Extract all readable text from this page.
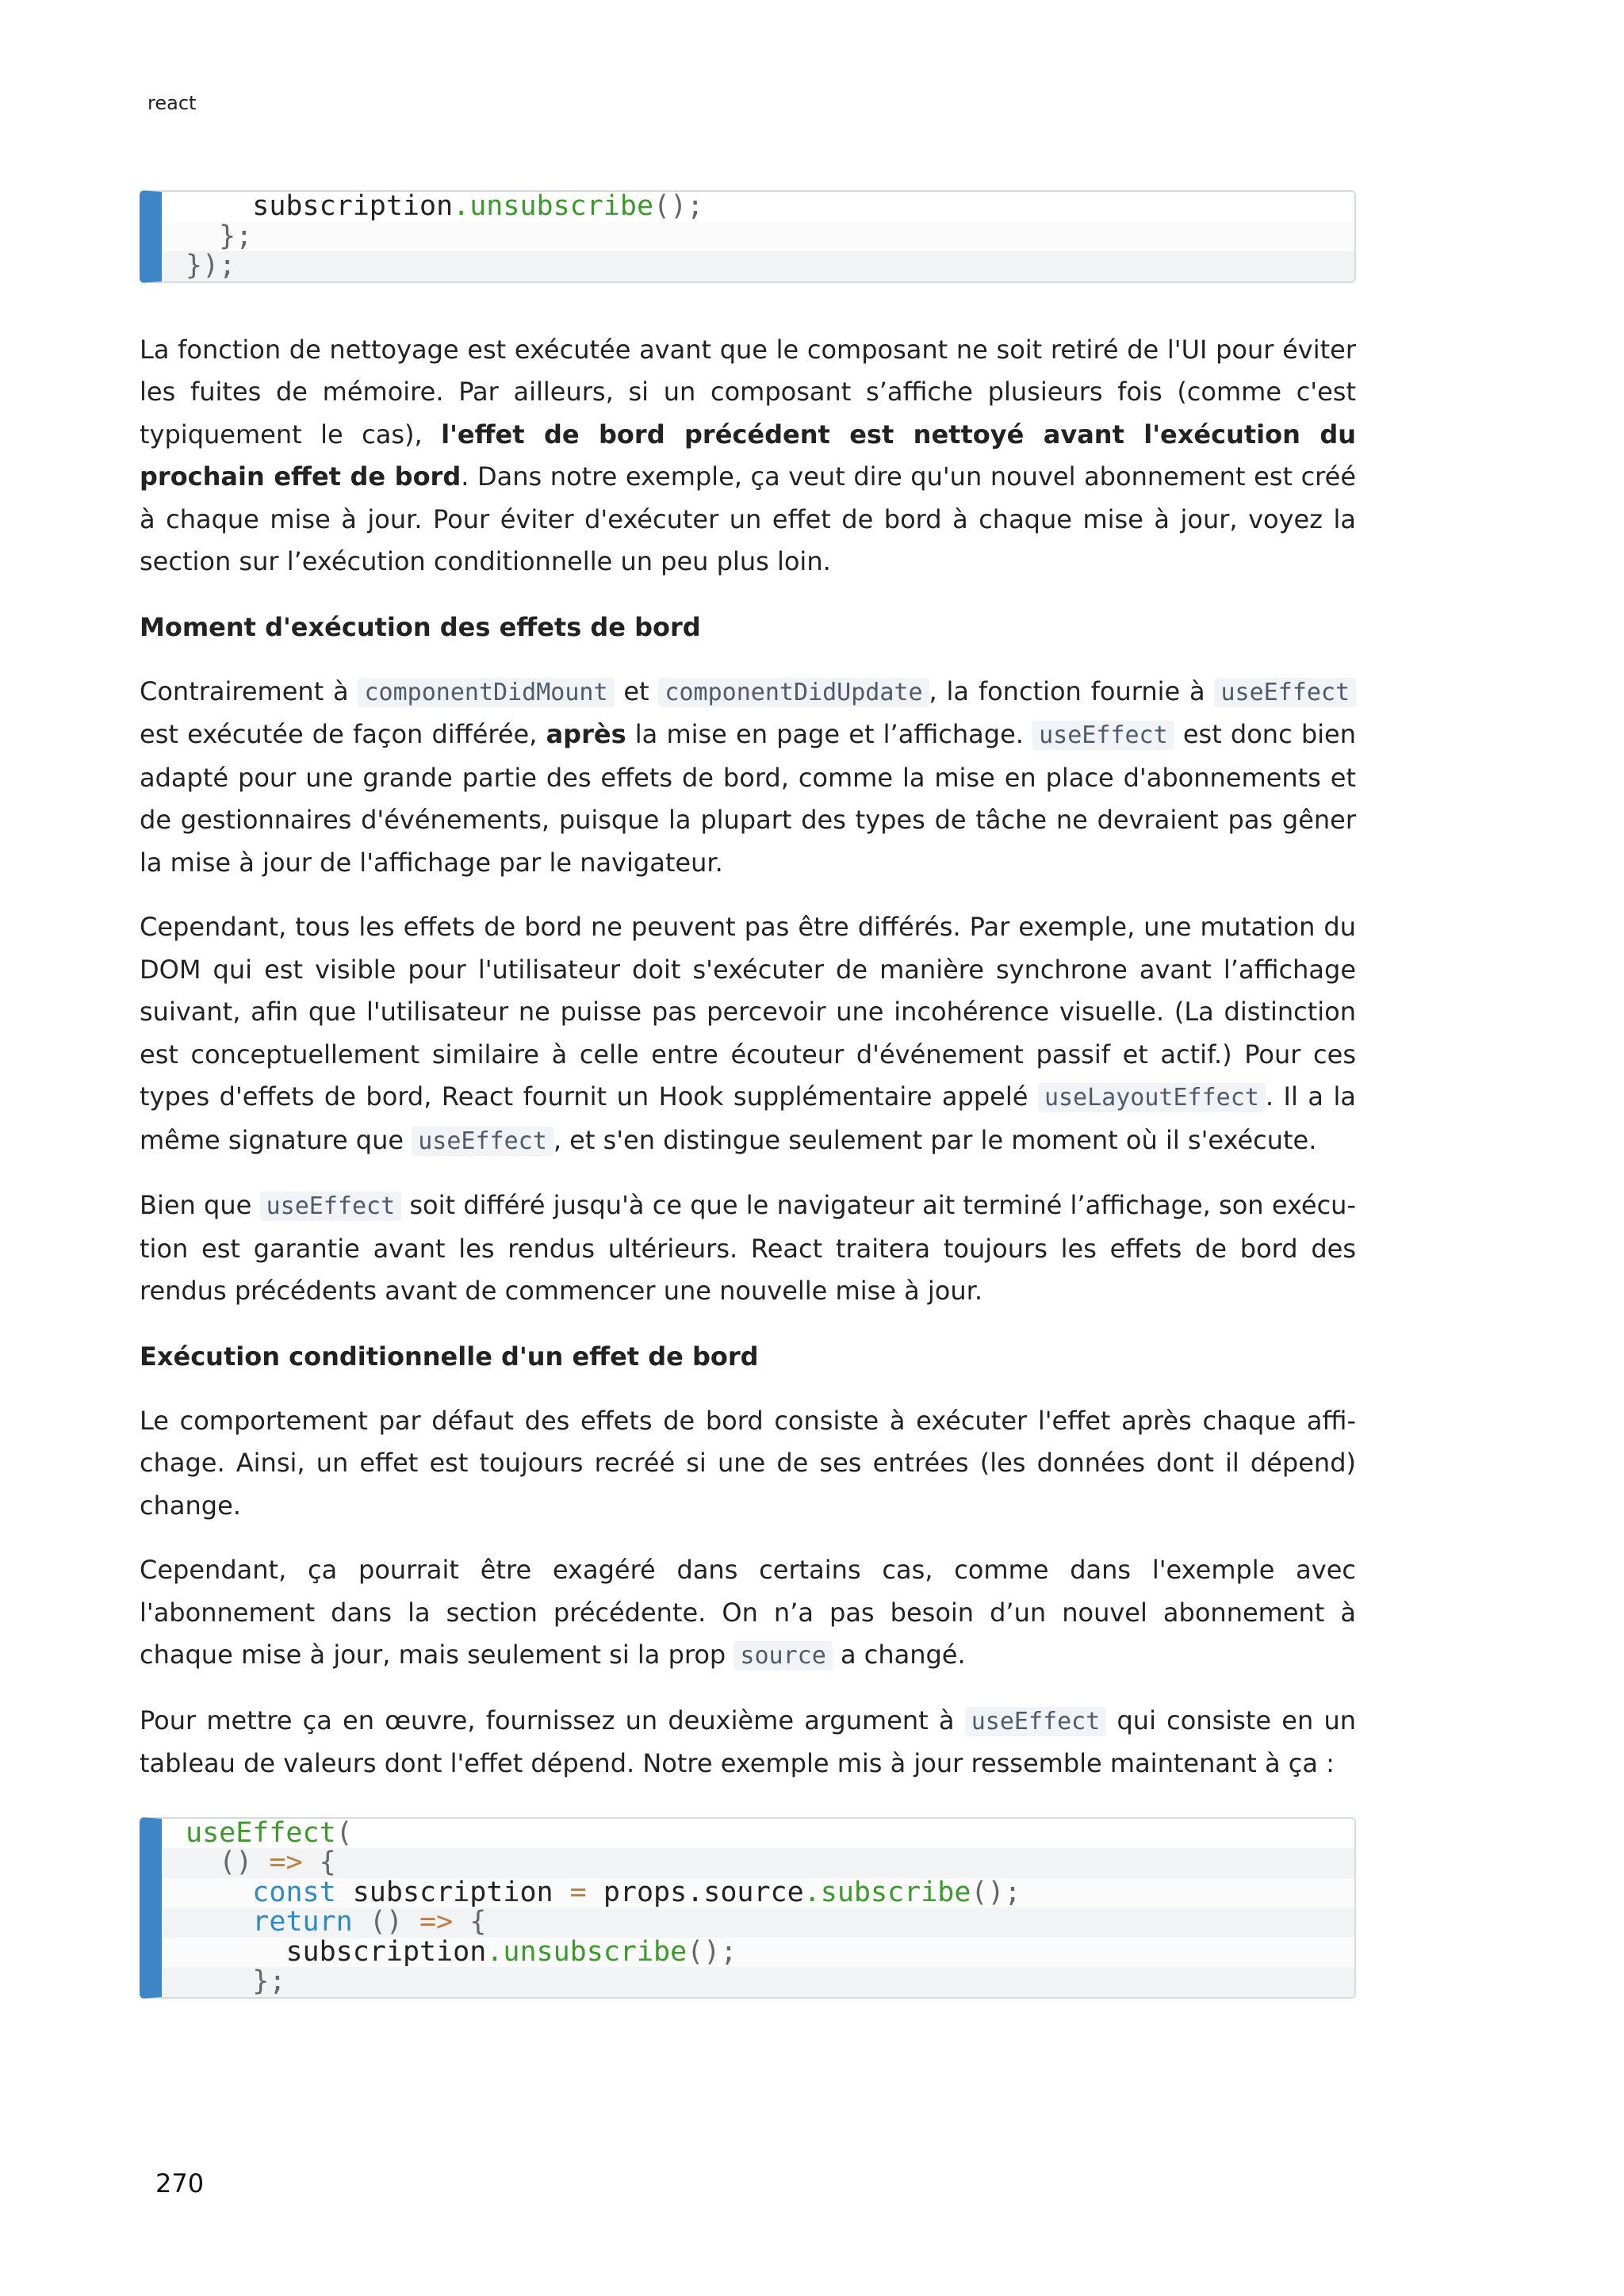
react
subscription.unsubscribe();
};
});

La fonction de nettoyage est exécutée avant que le composant ne soit retiré de l'UI pour éviter les fuites de mémoire. Par ailleurs, si un composant s’affiche plusieurs fois (comme c'est typiquement le cas), l'effet de bord précédent est nettoyé avant l'exécution du prochain effet de bord. Dans notre exemple, ça veut dire qu'un nouvel abonnement est créé à chaque mise à jour. Pour éviter d'exécuter un effet de bord à chaque mise à jour, voyez la section sur l’exécution conditionnelle un peu plus loin.

Moment d'exécution des effets de bord

Contrairement à componentDidMount et componentDidUpdate , la fonction fournie à useEffect est exécutée de façon différée, après la mise en page et l’affichage. useEffect est donc bien adapté pour une grande partie des effets de bord, comme la mise en place d'abonnements et de gestionnaires d'événements, puisque la plupart des types de tâche ne devraient pas gêner la mise à jour de l'affichage par le navigateur.

Cependant, tous les effets de bord ne peuvent pas être différés. Par exemple, une mutation du DOM qui est visible pour l'utilisateur doit s'exécuter de manière synchrone avant l’affichage suivant, afin que l'utilisateur ne puisse pas percevoir une incohérence visuelle. (La distinction est conceptuellement similaire à celle entre écouteur d'événement passif et actif.) Pour ces types d'effets de bord, React fournit un Hook supplémentaire appelé useLayoutEffect . Il a la même signature que useEffect , et s'en distingue seulement par le moment où il s'exécute.

Bien que useEffect soit différé jusqu'à ce que le navigateur ait terminé l’affichage, son exécution est garantie avant les rendus ultérieurs. React traitera toujours les effets de bord des rendus précédents avant de commencer une nouvelle mise à jour.

Exécution conditionnelle d'un effet de bord

Le comportement par défaut des effets de bord consiste à exécuter l'effet après chaque affichage. Ainsi, un effet est toujours recréé si une de ses entrées (les données dont il dépend) change.

Cependant, ça pourrait être exagéré dans certains cas, comme dans l'exemple avec l'abonnement dans la section précédente. On n’a pas besoin d’un nouvel abonnement à chaque mise à jour, mais seulement si la prop source a changé.

Pour mettre ça en œuvre, fournissez un deuxième argument à useEffect qui consiste en un tableau de valeurs dont l'effet dépend. Notre exemple mis à jour ressemble maintenant à ça :

useEffect(
() => {
const subscription = props.source.subscribe();
return () => {
subscription.unsubscribe();
};
270
